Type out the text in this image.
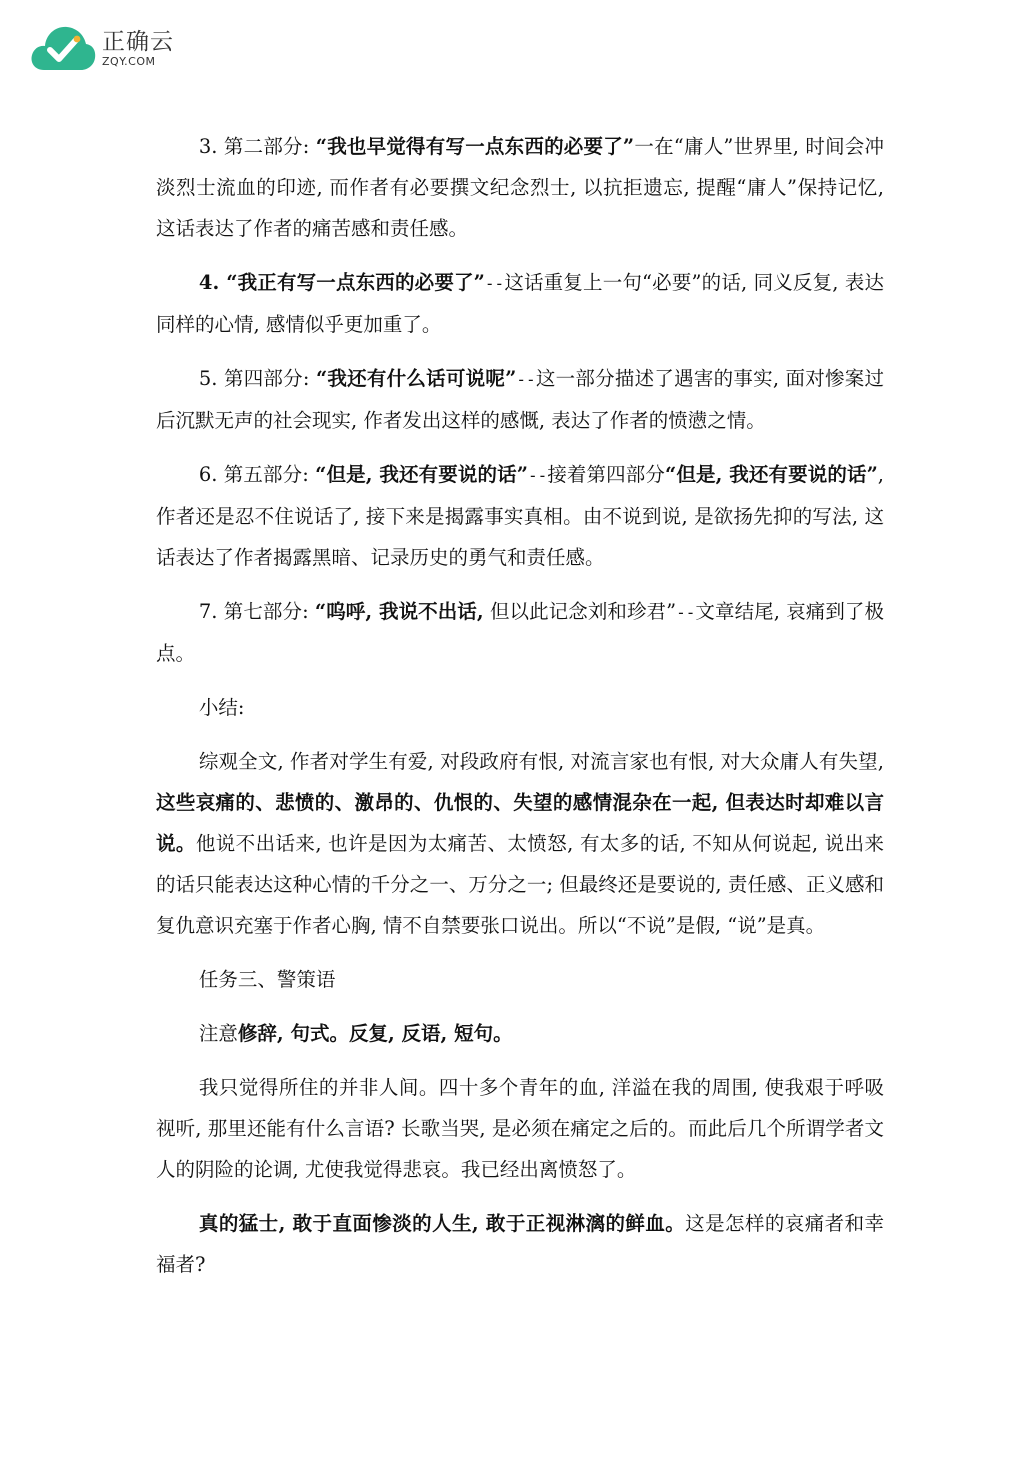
正确云
ZQY.COM

3. 第二部分: “我也早觉得有写一点东西的必要了”一在“庸人”世界里, 时间会冲淡烈士流血的印迹, 而作者有必要撰文纪念烈士, 以抗拒遗忘, 提醒“庸人”保持记忆, 这话表达了作者的痛苦感和责任感。

4. “我正有写一点东西的必要了”--这话重复上一句“必要”的话, 同义反复, 表达同样的心情, 感情似乎更加重了。

5. 第四部分: “我还有什么话可说呢”--这一部分描述了遇害的事实, 面对惨案过后沉默无声的社会现实, 作者发出这样的感慨, 表达了作者的愤懑之情。

6. 第五部分: “但是, 我还有要说的话”--接着第四部分“但是, 我还有要说的话”, 作者还是忍不住说话了, 接下来是揭露事实真相。由不说到说, 是欲扬先抑的写法, 这话表达了作者揭露黑暗、记录历史的勇气和责任感。

7. 第七部分: “呜呼, 我说不出话, 但以此记念刘和珍君”--文章结尾, 哀痛到了极点。

小结:

综观全文, 作者对学生有爱, 对段政府有恨, 对流言家也有恨, 对大众庸人有失望, 这些哀痛的、悲愤的、激昂的、仇恨的、失望的感情混杂在一起, 但表达时却难以言说。他说不出话来, 也许是因为太痛苦、太愤怒, 有太多的话, 不知从何说起, 说出来的话只能表达这种心情的千分之一、万分之一; 但最终还是要说的, 责任感、正义感和复仇意识充塞于作者心胸, 情不自禁要张口说出。所以“不说”是假, “说”是真。

任务三、警策语

注意修辞, 句式。反复, 反语, 短句。

我只觉得所住的并非人间。四十多个青年的血, 洋溢在我的周围, 使我艰于呼吸视听, 那里还能有什么言语? 长歌当哭, 是必须在痛定之后的。而此后几个所谓学者文人的阴险的论调, 尤使我觉得悲哀。我已经出离愤怒了。

真的猛士, 敢于直面惨淡的人生, 敢于正视淋漓的鲜血。这是怎样的哀痛者和幸福者?
